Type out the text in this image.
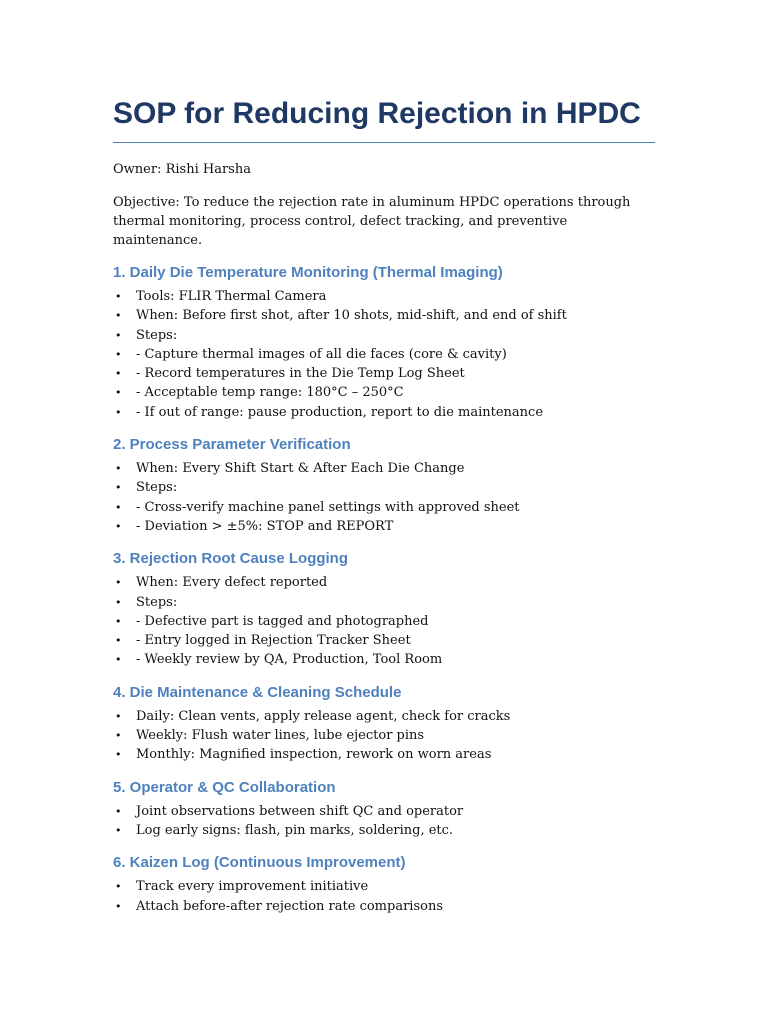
SOP for Reducing Rejection in HPDC

Owner: Rishi Harsha

Objective: To reduce the rejection rate in aluminum HPDC operations through thermal monitoring, process control, defect tracking, and preventive maintenance.

1. Daily Die Temperature Monitoring (Thermal Imaging)
• Tools: FLIR Thermal Camera
• When: Before first shot, after 10 shots, mid-shift, and end of shift
• Steps:
• - Capture thermal images of all die faces (core & cavity)
• - Record temperatures in the Die Temp Log Sheet
• - Acceptable temp range: 180°C – 250°C
• - If out of range: pause production, report to die maintenance
2. Process Parameter Verification
• When: Every Shift Start & After Each Die Change
• Steps:
• - Cross-verify machine panel settings with approved sheet
• - Deviation > ±5%: STOP and REPORT
3. Rejection Root Cause Logging
• When: Every defect reported
• Steps:
• - Defective part is tagged and photographed
• - Entry logged in Rejection Tracker Sheet
• - Weekly review by QA, Production, Tool Room
4. Die Maintenance & Cleaning Schedule
• Daily: Clean vents, apply release agent, check for cracks
• Weekly: Flush water lines, lube ejector pins
• Monthly: Magnified inspection, rework on worn areas
5. Operator & QC Collaboration
• Joint observations between shift QC and operator
• Log early signs: flash, pin marks, soldering, etc.
6. Kaizen Log (Continuous Improvement)
• Track every improvement initiative
• Attach before-after rejection rate comparisons
